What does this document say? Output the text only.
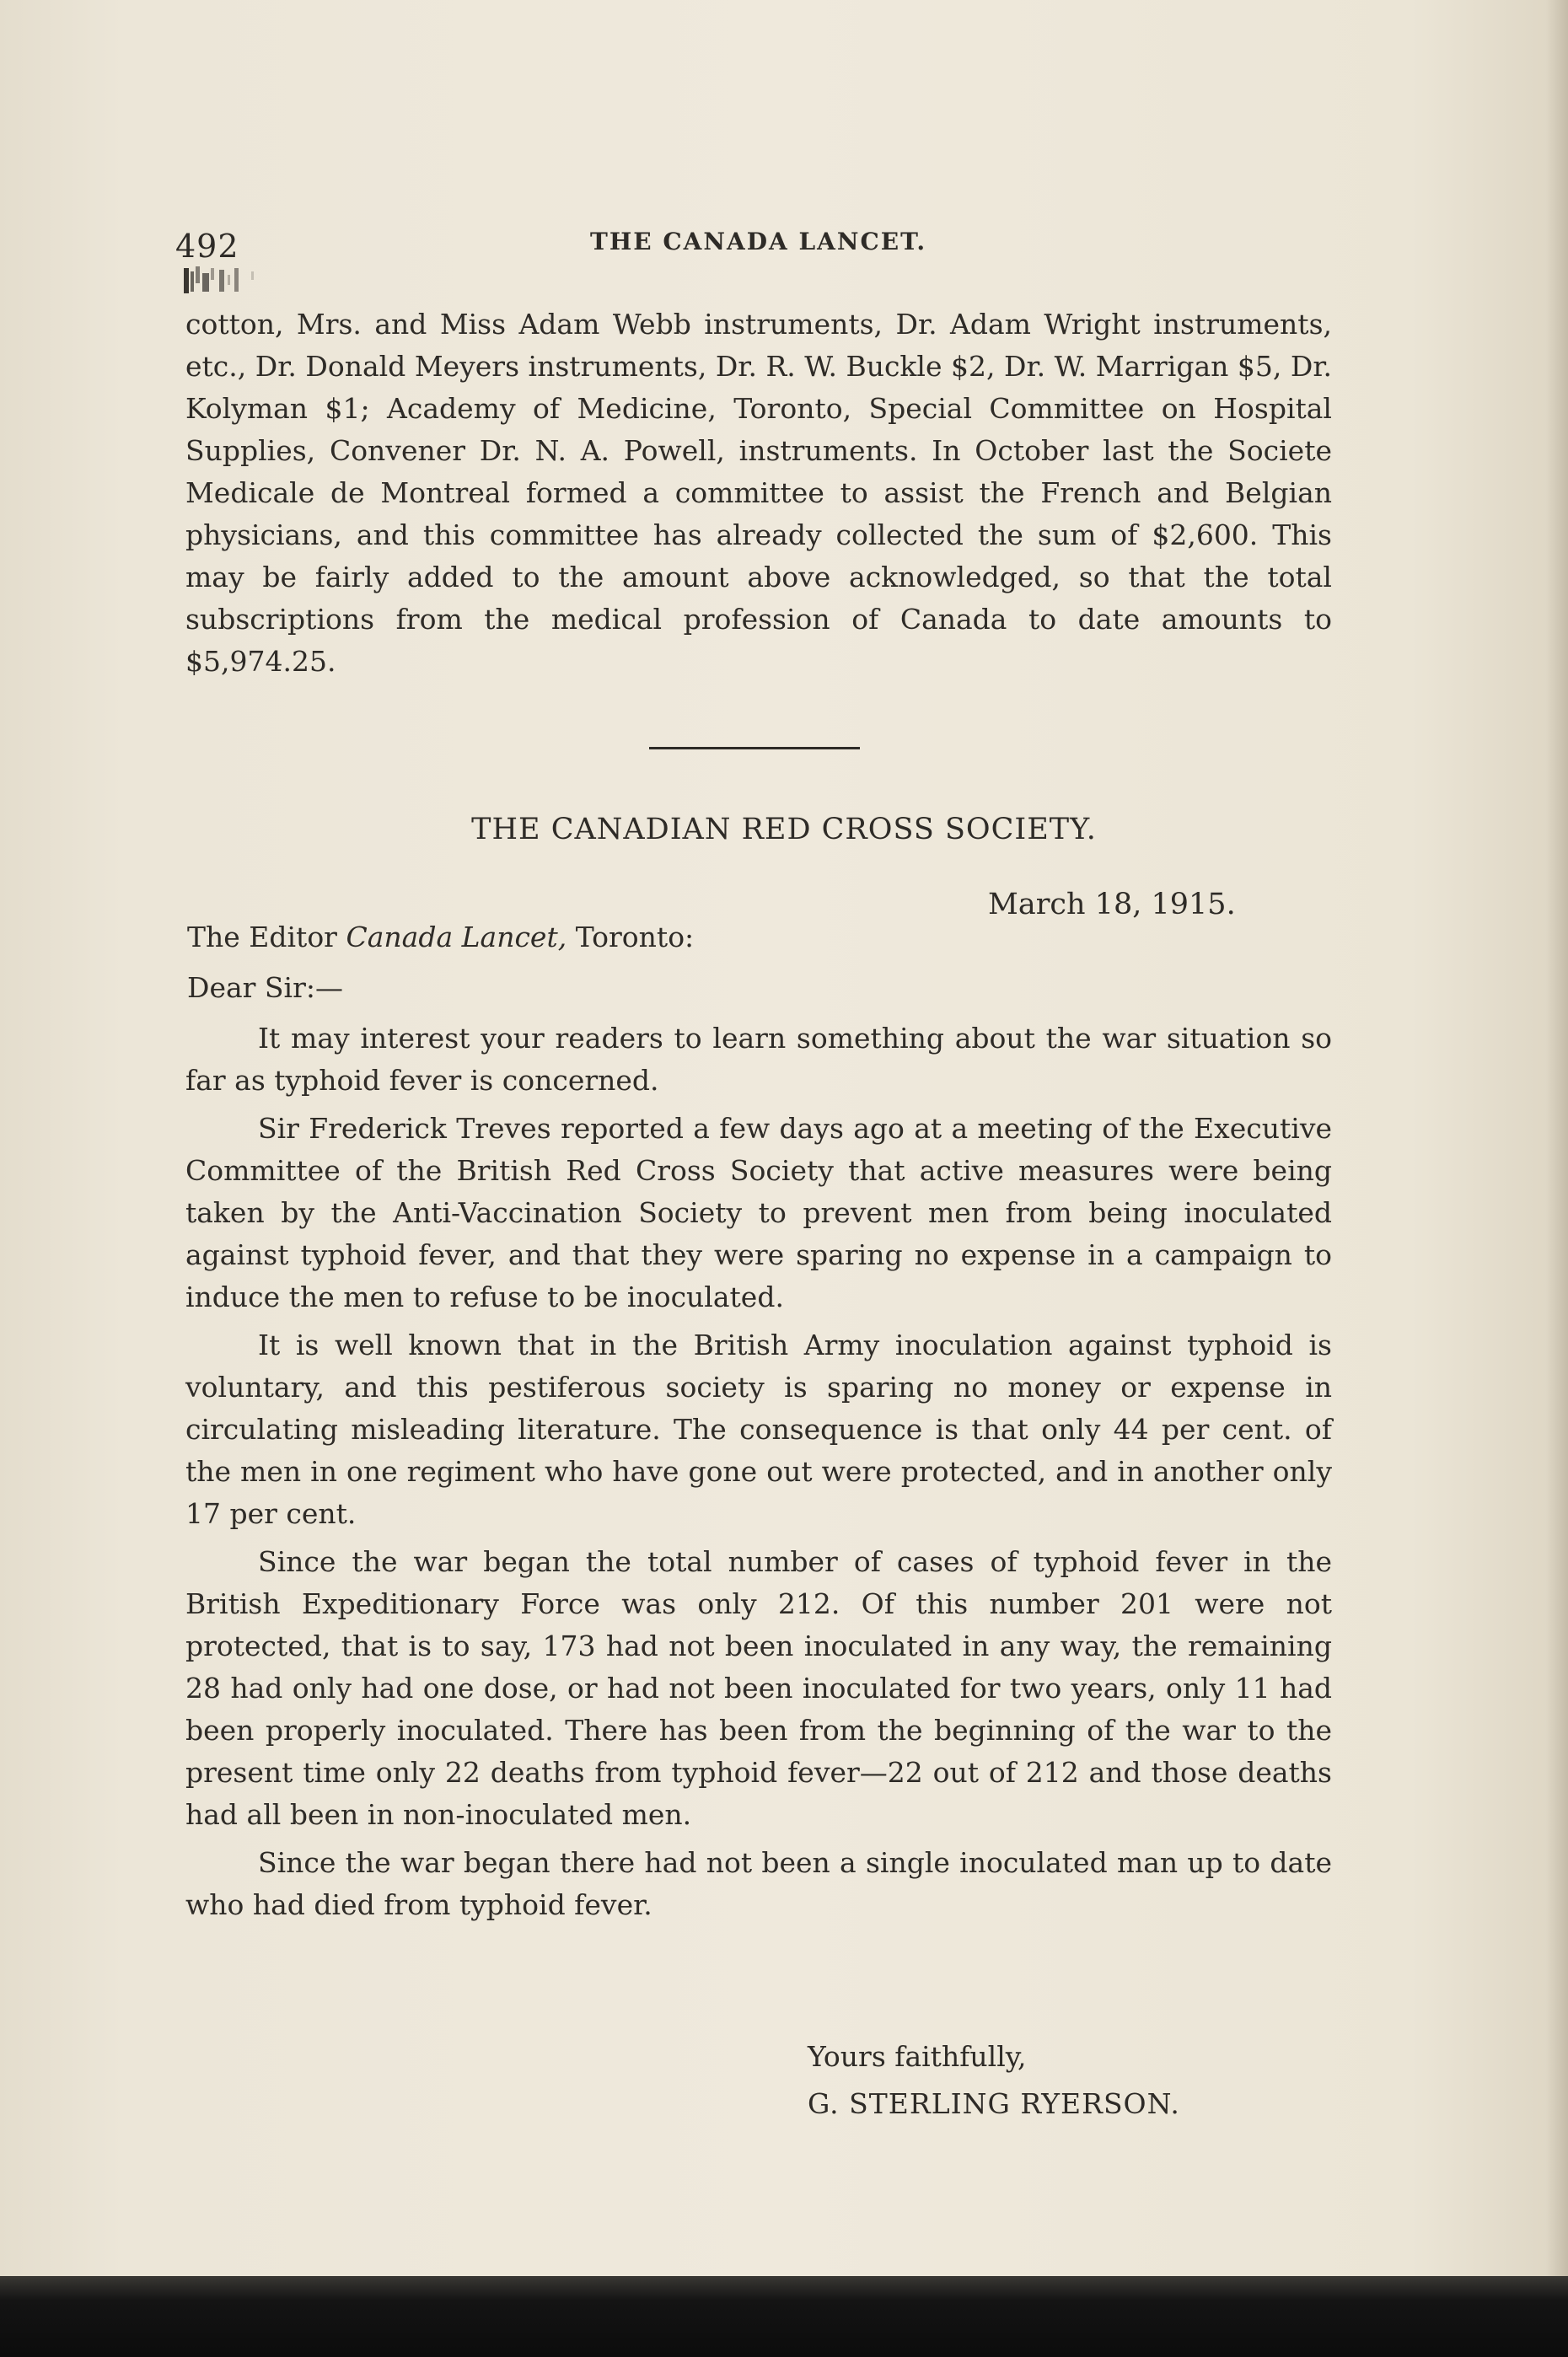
492	THE CANADA LANCET.

cotton, Mrs. and Miss Adam Webb instruments, Dr. Adam Wright instruments, etc., Dr. Donald Meyers instruments, Dr. R. W. Buckle $2, Dr. W. Marrigan $5, Dr. Kolyman $1; Academy of Medicine, Toronto, Special Committee on Hospital Supplies, Convener Dr. N. A. Powell, instruments. In October last the Societe Medicale de Montreal formed a committee to assist the French and Belgian physicians, and this committee has already collected the sum of $2,600. This may be fairly added to the amount above acknowledged, so that the total subscriptions from the medical profession of Canada to date amounts to $5,974.25.

THE CANADIAN RED CROSS SOCIETY.
March 18, 1915.
The Editor Canada Lancet, Toronto:
Dear Sir:—

It may interest your readers to learn something about the war situation so far as typhoid fever is concerned.

Sir Frederick Treves reported a few days ago at a meeting of the Executive Committee of the British Red Cross Society that active measures were being taken by the Anti-Vaccination Society to prevent men from being inoculated against typhoid fever, and that they were sparing no expense in a campaign to induce the men to refuse to be inoculated.

It is well known that in the British Army inoculation against typhoid is voluntary, and this pestiferous society is sparing no money or expense in circulating misleading literature. The consequence is that only 44 per cent. of the men in one regiment who have gone out were protected, and in another only 17 per cent.

Since the war began the total number of cases of typhoid fever in the British Expeditionary Force was only 212. Of this number 201 were not protected, that is to say, 173 had not been inoculated in any way, the remaining 28 had only had one dose, or had not been inoculated for two years, only 11 had been properly inoculated. There has been from the beginning of the war to the present time only 22 deaths from typhoid fever—22 out of 212 and those deaths had all been in non-inoculated men.

Since the war began there had not been a single inoculated man up to date who had died from typhoid fever.

Yours faithfully,
G. STERLING RYERSON.
